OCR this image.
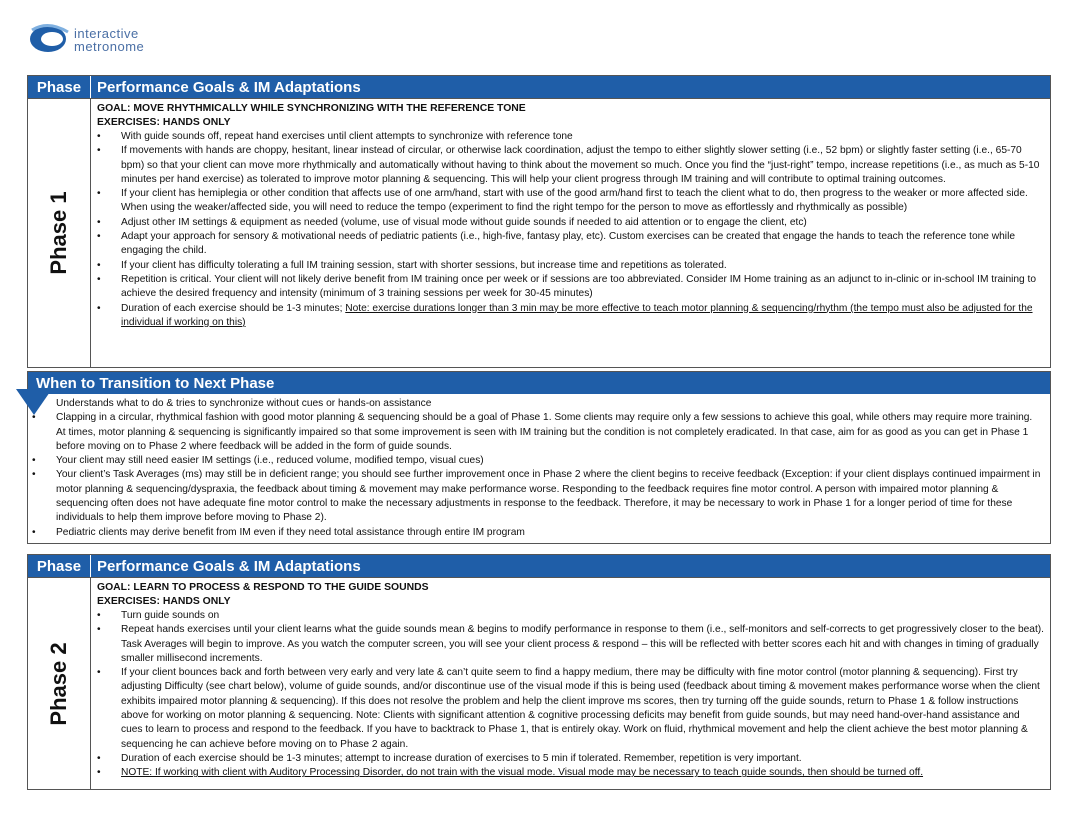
interactive
metronome
Phase	Performance Goals & IM Adaptations
Phase 1
GOAL: MOVE RHYTHMICALLY WHILE SYNCHRONIZING WITH THE REFERENCE TONE
EXERCISES: HANDS ONLY
• With guide sounds off, repeat hand exercises until client attempts to synchronize with reference tone
• If movements with hands are choppy, hesitant, linear instead of circular, or otherwise lack coordination, adjust the tempo to either slightly slower setting (i.e., 52 bpm) or slightly faster setting (i.e., 65-70 bpm) so that your client can move more rhythmically and automatically without having to think about the movement so much. Once you find the “just-right” tempo, increase repetitions (i.e., as much as 5-10 minutes per hand exercise) as tolerated to improve motor planning & sequencing. This will help your client progress through IM training and will contribute to optimal training outcomes.
• If your client has hemiplegia or other condition that affects use of one arm/hand, start with use of the good arm/hand first to teach the client what to do, then progress to the weaker or more affected side. When using the weaker/affected side, you will need to reduce the tempo (experiment to find the right tempo for the person to move as effortlessly and rhythmically as possible)
• Adjust other IM settings & equipment as needed (volume, use of visual mode without guide sounds if needed to aid attention or to engage the client, etc)
• Adapt your approach for sensory & motivational needs of pediatric patients (i.e., high-five, fantasy play, etc). Custom exercises can be created that engage the hands to teach the reference tone while engaging the child.
• If your client has difficulty tolerating a full IM training session, start with shorter sessions, but increase time and repetitions as tolerated.
• Repetition is critical. Your client will not likely derive benefit from IM training once per week or if sessions are too abbreviated. Consider IM Home training as an adjunct to in-clinic or in-school IM training to achieve the desired frequency and intensity (minimum of 3 training sessions per week for 30-45 minutes)
• Duration of each exercise should be 1-3 minutes; Note: exercise durations longer than 3 min may be more effective to teach motor planning & sequencing/rhythm (the tempo must also be adjusted for the individual if working on this)
When to Transition to Next Phase
• Understands what to do & tries to synchronize without cues or hands-on assistance
• Clapping in a circular, rhythmical fashion with good motor planning & sequencing should be a goal of Phase 1. Some clients may require only a few sessions to achieve this goal, while others may require more training. At times, motor planning & sequencing is significantly impaired so that some improvement is seen with IM training but the condition is not completely eradicated. In that case, aim for as good as you can get in Phase 1 before moving on to Phase 2 where feedback will be added in the form of guide sounds.
• Your client may still need easier IM settings (i.e., reduced volume, modified tempo, visual cues)
• Your client’s Task Averages (ms) may still be in deficient range; you should see further improvement once in Phase 2 where the client begins to receive feedback (Exception: if your client displays continued impairment in motor planning & sequencing/dyspraxia, the feedback about timing & movement may make performance worse. Responding to the feedback requires fine motor control. A person with impaired motor planning & sequencing often does not have adequate fine motor control to make the necessary adjustments in response to the feedback. Therefore, it may be necessary to work in Phase 1 for a longer period of time for these individuals to help them improve before moving to Phase 2).
• Pediatric clients may derive benefit from IM even if they need total assistance through entire IM program
Phase	Performance Goals & IM Adaptations
Phase 2
GOAL: LEARN TO PROCESS & RESPOND TO THE GUIDE SOUNDS
EXERCISES: HANDS ONLY
• Turn guide sounds on
• Repeat hands exercises until your client learns what the guide sounds mean & begins to modify performance in response to them (i.e., self-monitors and self-corrects to get progressively closer to the beat). Task Averages will begin to improve. As you watch the computer screen, you will see your client process & respond – this will be reflected with better scores each hit and with changes in timing of gradually smaller millisecond increments.
• If your client bounces back and forth between very early and very late & can’t quite seem to find a happy medium, there may be difficulty with fine motor control (motor planning & sequencing). First try adjusting Difficulty (see chart below), volume of guide sounds, and/or discontinue use of the visual mode if this is being used (feedback about timing & movement makes performance worse when the client exhibits impaired motor planning & sequencing). If this does not resolve the problem and help the client improve ms scores, then try turning off the guide sounds, return to Phase 1 & follow instructions above for working on motor planning & sequencing. Note: Clients with significant attention & cognitive processing deficits may benefit from guide sounds, but may need hand-over-hand assistance and cues to learn to process and respond to the feedback. If you have to backtrack to Phase 1, that is entirely okay. Work on fluid, rhythmical movement and help the client achieve the best motor planning & sequencing he can achieve before moving on to Phase 2 again.
• Duration of each exercise should be 1-3 minutes; attempt to increase duration of exercises to 5 min if tolerated. Remember, repetition is very important.
• NOTE: If working with client with Auditory Processing Disorder, do not train with the visual mode. Visual mode may be necessary to teach guide sounds, then should be turned off.
